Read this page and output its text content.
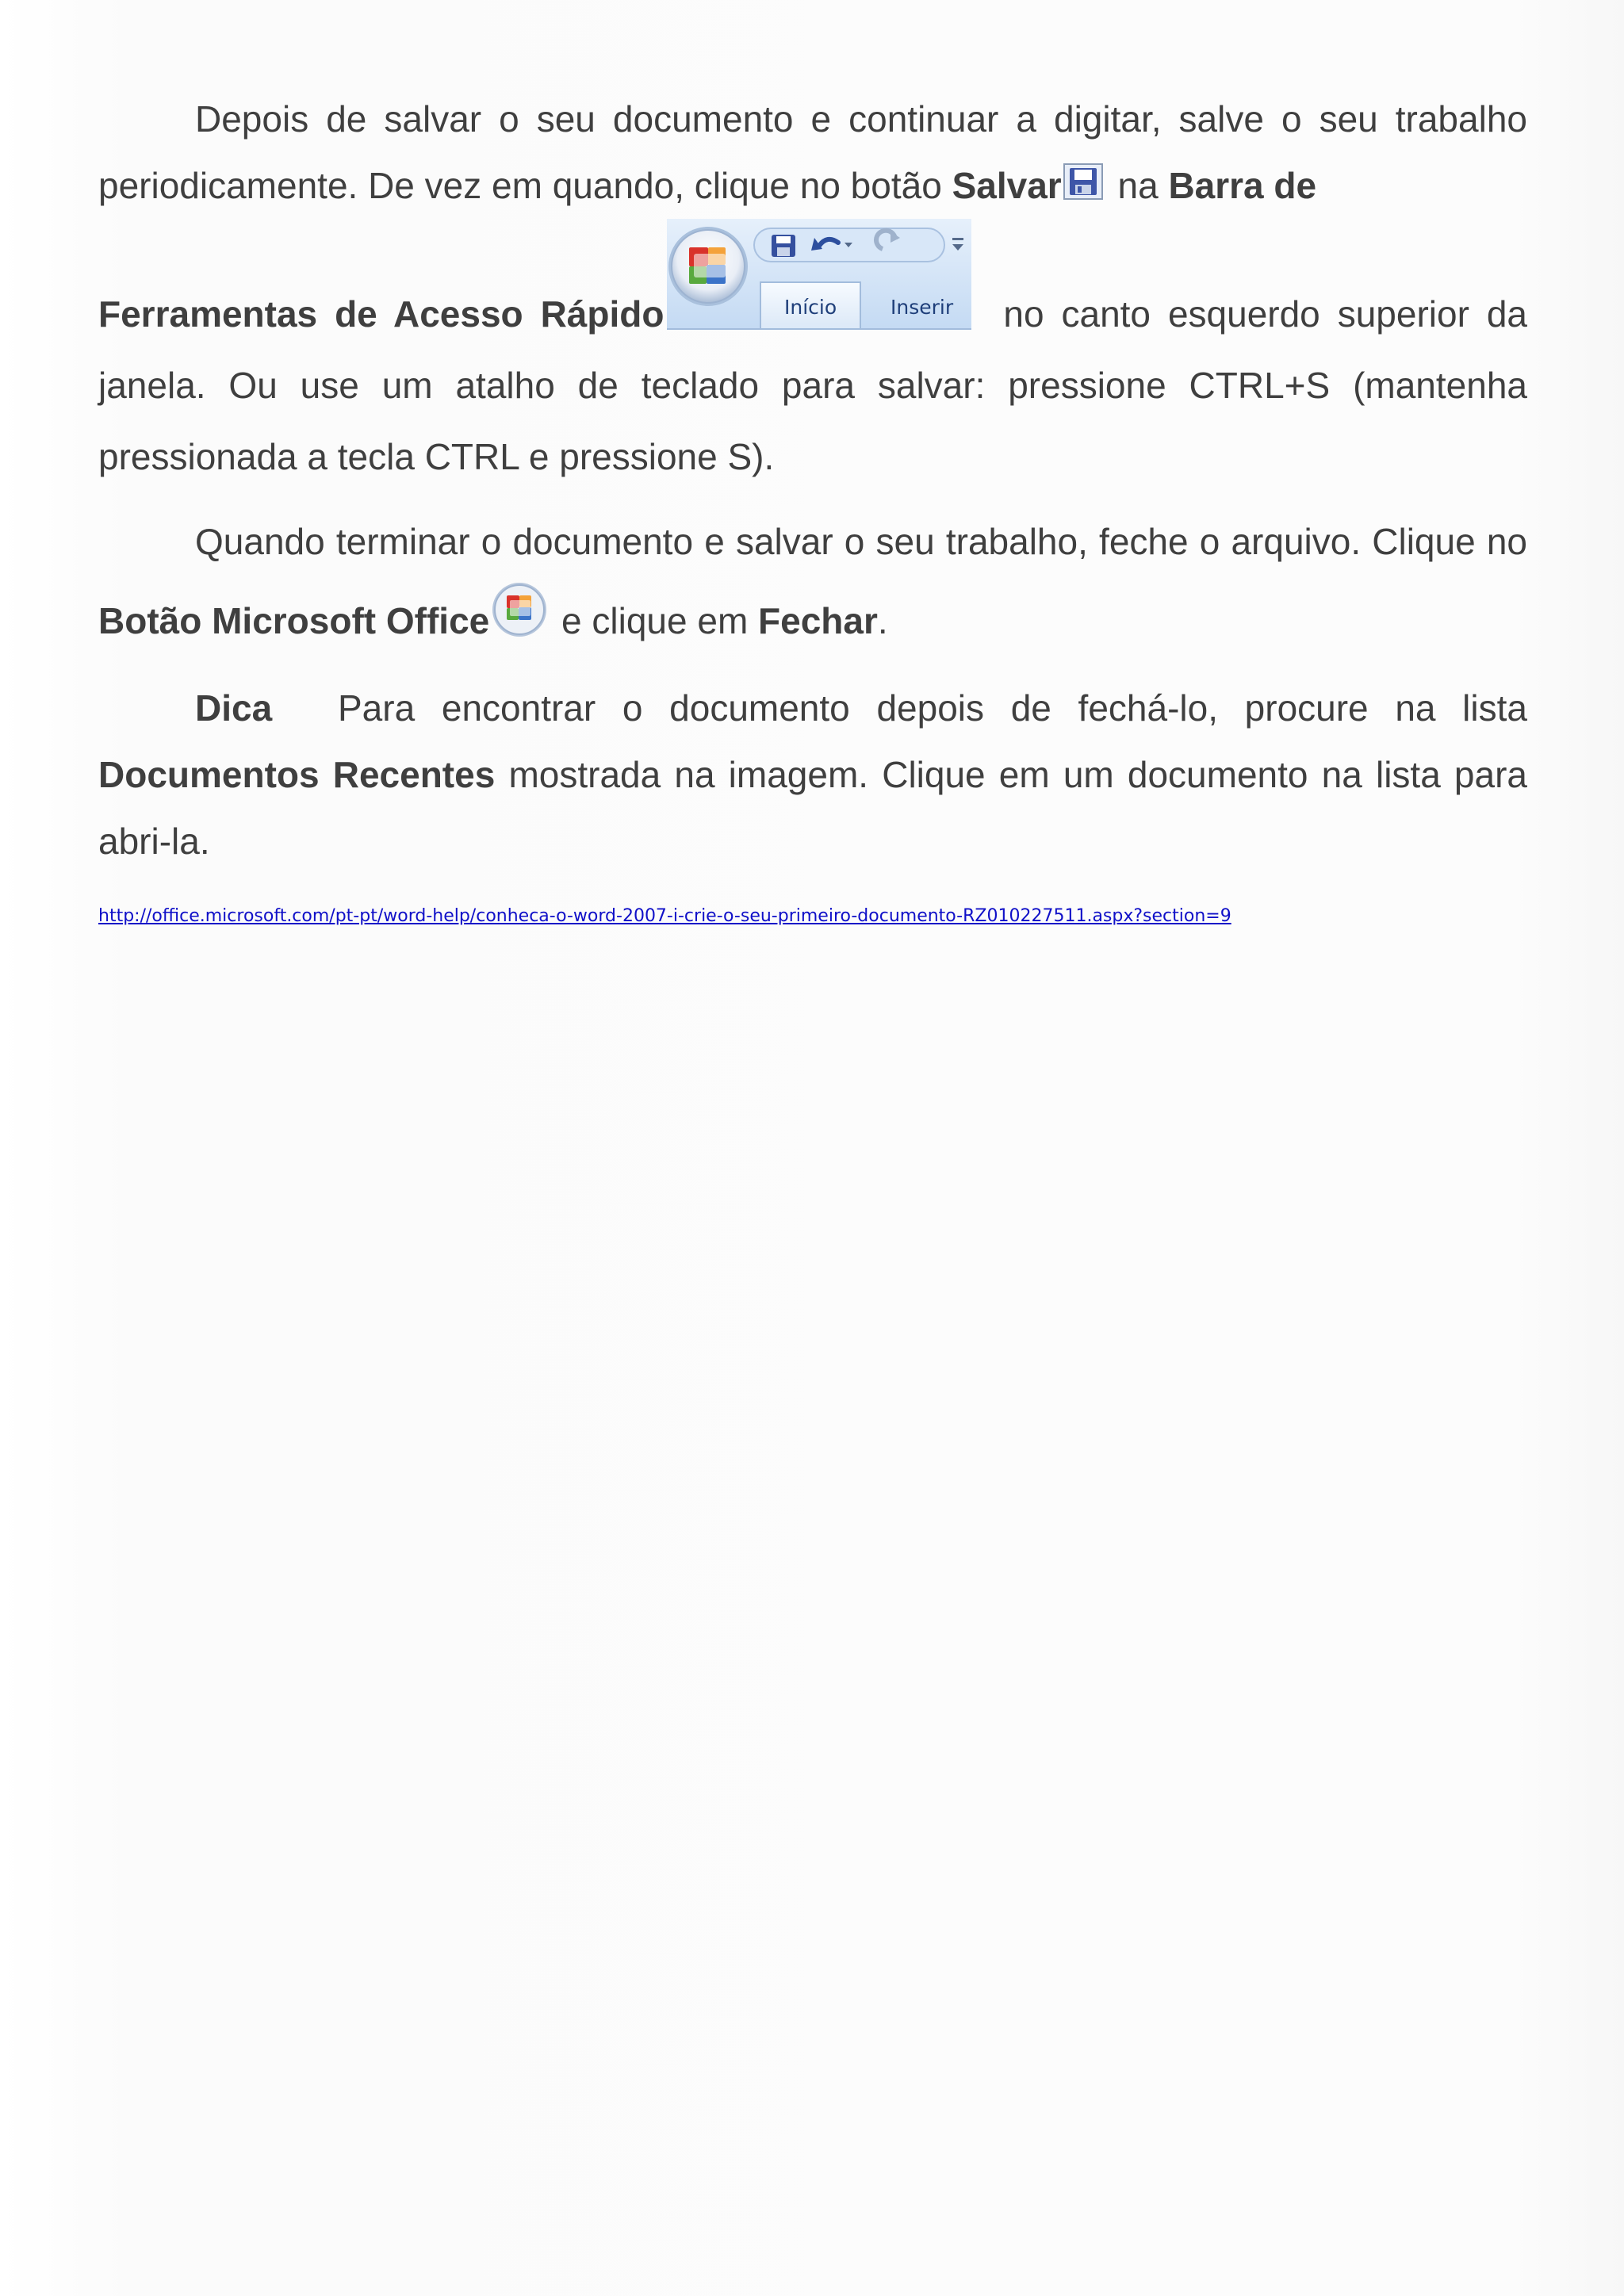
Depois de salvar o seu documento e continuar a digitar, salve o seu trabalho periodicamente. De vez em quando, clique no botão Salvar na Barra de

Ferramentas de Acesso Rápido	Início	Inserir no canto esquerdo superior da janela. Ou use um atalho de teclado para salvar: pressione CTRL+S (mantenha pressionada a tecla CTRL e pressione S).

Quando terminar o documento e salvar o seu trabalho, feche o arquivo. Clique no Botão Microsoft Office e clique em Fechar.

Dica Para encontrar o documento depois de fechá-lo, procure na lista Documentos Recentes mostrada na imagem. Clique em um documento na lista para abri-la.

http://office.microsoft.com/pt-pt/word-help/conheca-o-word-2007-i-crie-o-seu-primeiro-documento-RZ010227511.aspx?section=9
